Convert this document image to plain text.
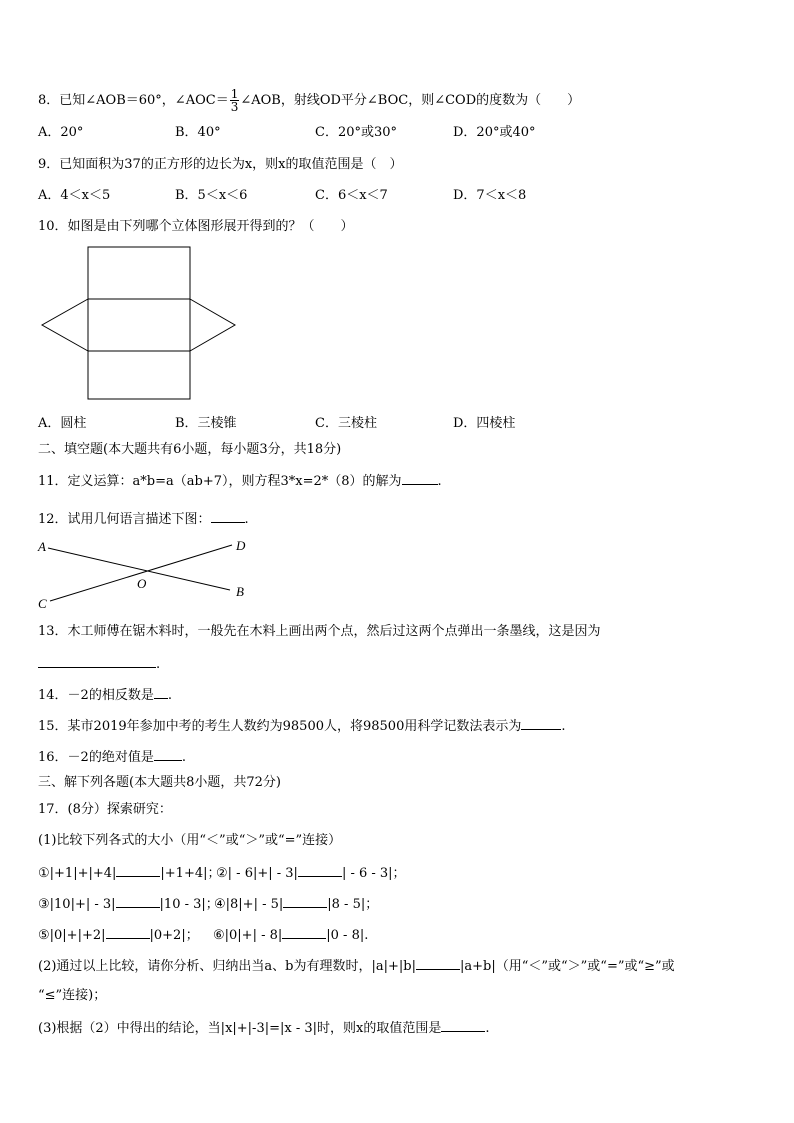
8．已知∠AOB＝60°，∠AOC＝ $\frac{1}{3}$ ∠AOB，射线OD平分∠BOC，则∠COD的度数为（　　）
A．20°	B．40°	C．20°或30°	D．20°或40°
9．已知面积为37的正方形的边长为x，则x的取值范围是（　）
A．4＜x＜5	B．5＜x＜6	C．6＜x＜7	D．7＜x＜8
10．如图是由下列哪个立体图形展开得到的？（　　）
A．圆柱	B．三棱锥	C．三棱柱	D．四棱柱
二、填空题(本大题共有6小题，每小题3分，共18分)
11．定义运算：a*b=a（ab+7），则方程3*x=2*（8）的解为	.
12．试用几何语言描述下图：	.
A	D
O
C
B
13．木工师傅在锯木料时，一般先在木料上画出两个点，然后过这两个点弹出一条墨线，这是因为
.
14．－2的相反数是 .
15．某市2019年参加中考的考生人数约为98500人，将98500用科学记数法表示为	.
16．－2的绝对值是 .
三、解下列各题(本大题共8小题，共72分)
17．(8分）探索研究：
(1)比较下列各式的大小（用“＜”或“＞”或“=”连接）
①|+1|+|+4|	|+1+4|；
②| - 6|+| - 3|	| - 6 - 3|；
③|10|+| - 3|	|10 - 3|；
④|8|+| - 5|	|8 - 5|；
⑤|0|+|+2|	|0+2|； ⑥|0|+| - 8|	|0 - 8|.
(2)通过以上比较，请你分析、归纳出当a、b为有理数时，|a|+|b|	|a+b|（用“＜”或“＞”或“=”或“≥”或
“≤”连接)；
(3)根据（2）中得出的结论，当|x|+|-3|=|x - 3|时，则x的取值范围是	.
